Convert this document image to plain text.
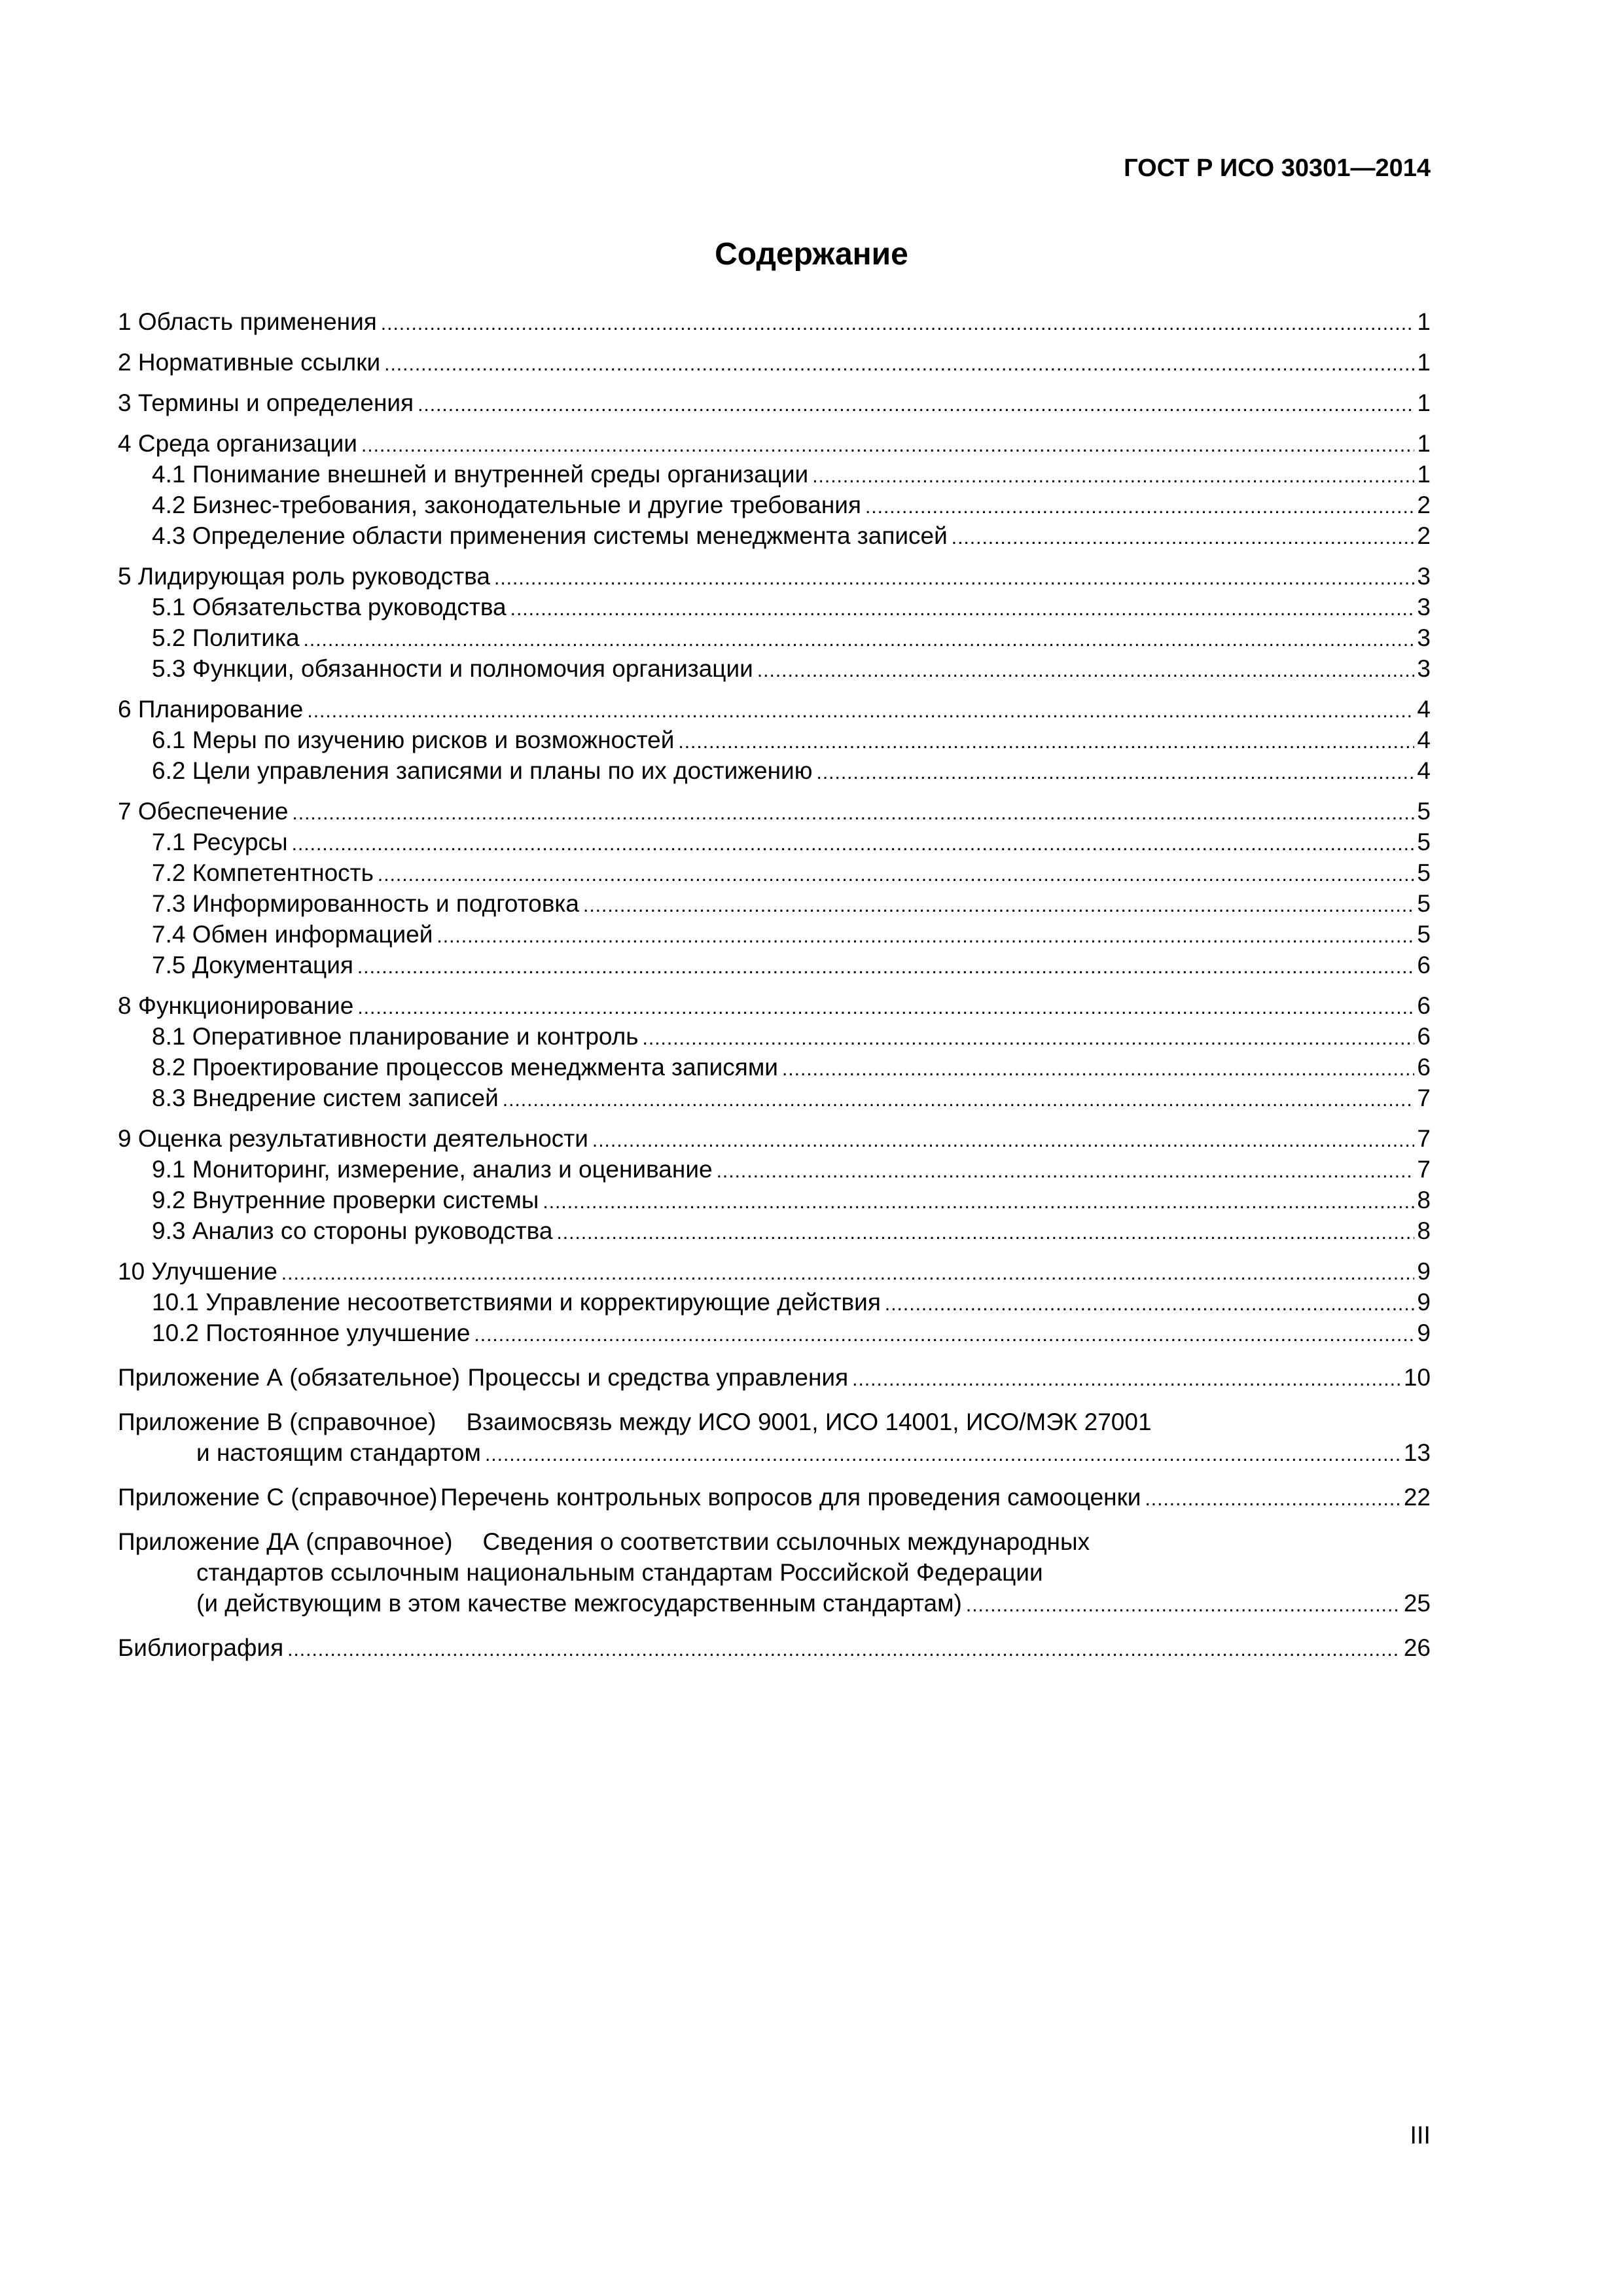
ГОСТ Р ИСО 30301—2014
Содержание
1 Область применения .....	1
2 Нормативные ссылки .....	1
3 Термины и определения .....	1
4 Среда организации .....	1
4.1 Понимание внешней и внутренней среды организации .....	1
4.2 Бизнес-требования, законодательные и другие требования .....	2
4.3 Определение области применения системы менеджмента записей .....	2
5 Лидирующая роль руководства .....	3
5.1 Обязательства руководства .....	3
5.2 Политика .....	3
5.3 Функции, обязанности и полномочия организации .....	3
6 Планирование .....	4
6.1 Меры по изучению рисков и возможностей .....	4
6.2 Цели управления записями и планы по их достижению .....	4
7 Обеспечение .....	5
7.1 Ресурсы .....	5
7.2 Компетентность .....	5
7.3 Информированность и подготовка .....	5
7.4 Обмен информацией .....	5
7.5 Документация .....	6
8 Функционирование .....	6
8.1 Оперативное планирование и контроль .....	6
8.2 Проектирование процессов менеджмента записями .....	6
8.3 Внедрение систем записей .....	7
9 Оценка результативности деятельности .....	7
9.1 Мониторинг, измерение, анализ и оценивание .....	7
9.2 Внутренние проверки системы .....	8
9.3 Анализ со стороны руководства .....	8
10 Улучшение .....	9
10.1 Управление несоответствиями и корректирующие действия .....	9
10.2 Постоянное улучшение .....	9
Приложение А (обязательное) Процессы и средства управления .....	10
Приложение В (справочное) Взаимосвязь между ИСО 9001, ИСО 14001, ИСО/МЭК 27001
и настоящим стандартом .....	13
Приложение С (справочное) Перечень контрольных вопросов для проведения самооценки .....	22
Приложение ДА (справочное) Сведения о соответствии ссылочных международных
стандартов ссылочным национальным стандартам Российской Федерации
(и действующим в этом качестве межгосударственным стандартам) .....	25
Библиография .....	26
III
